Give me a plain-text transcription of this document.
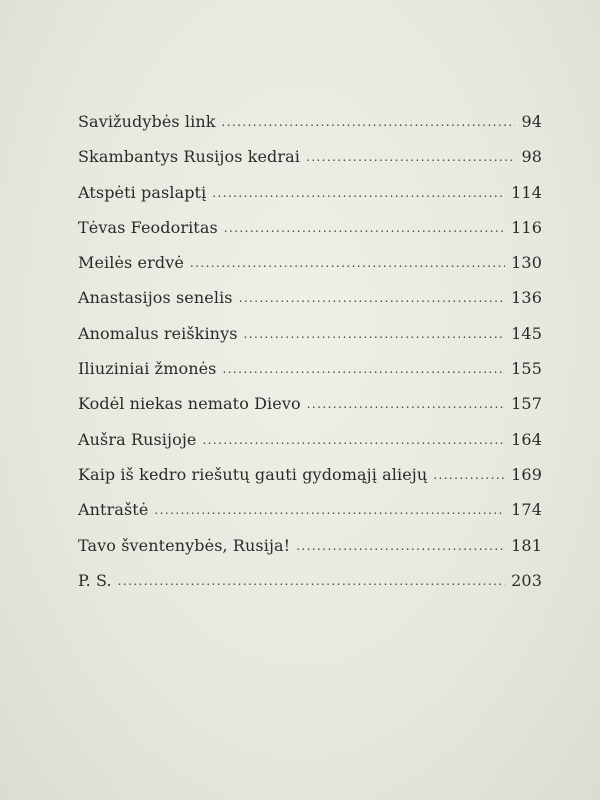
Savižudybės link .....	94
Skambantys Rusijos kedrai .....	98
Atspėti paslaptį .....	114
Tėvas Feodoritas .....	116
Meilės erdvė .....	130
Anastasijos senelis .....	136
Anomalus reiškinys .....	145
Iliuziniai žmonės .....	155
Kodėl niekas nemato Dievo .....	157
Aušra Rusijoje .....	164
Kaip iš kedro riešutų gauti gydomąjį aliejų .....	169
Antraštė .....	174
Tavo šventenybės, Rusija! .....	181
P. S. .....	203
